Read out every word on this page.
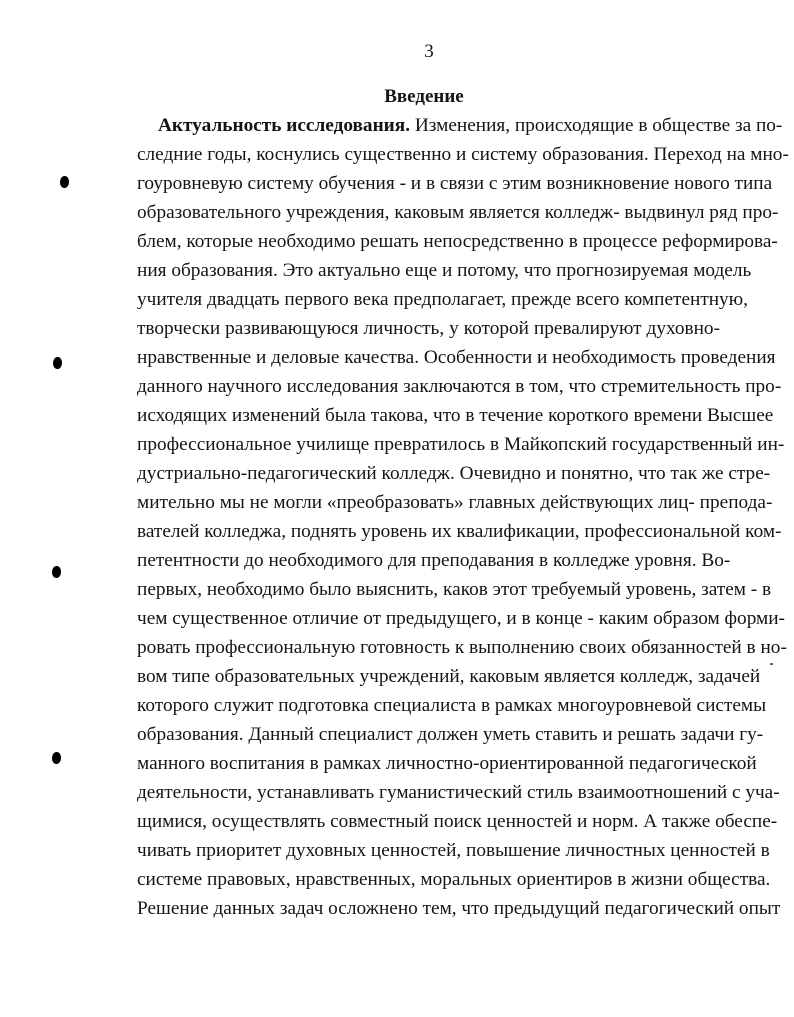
3
Введение
Актуальность исследования. Изменения, происходящие в обществе за по-
следние годы, коснулись существенно и систему образования. Переход на мно-
гоуровневую систему обучения - и в связи с этим возникновение нового типа
образовательного учреждения, каковым является колледж- выдвинул ряд про-
блем, которые необходимо решать непосредственно в процессе реформирова-
ния образования. Это актуально еще и потому, что прогнозируемая модель
учителя двадцать первого века предполагает, прежде всего компетентную,
творчески развивающуюся личность, у которой превалируют духовно-
нравственные и деловые качества. Особенности и необходимость проведения
данного научного исследования заключаются в том, что стремительность про-
исходящих изменений была такова, что в течение короткого времени Высшее
профессиональное училище превратилось в Майкопский государственный ин-
дустриально-педагогический колледж. Очевидно и понятно, что так же стре-
мительно мы не могли «преобразовать» главных действующих лиц- препода-
вателей колледжа, поднять уровень их квалификации, профессиональной ком-
петентности до необходимого для преподавания в колледже уровня. Во-
первых, необходимо было выяснить, каков этот требуемый уровень, затем - в
чем существенное отличие от предыдущего, и в конце - каким образом форми-
ровать профессиональную готовность к выполнению своих обязанностей в но-
вом типе образовательных учреждений, каковым является колледж, задачей
которого служит подготовка специалиста в рамках многоуровневой системы
образования. Данный специалист должен уметь ставить и решать задачи гу-
манного воспитания в рамках личностно-ориентированной педагогической
деятельности, устанавливать гуманистический стиль взаимоотношений с уча-
щимися, осуществлять совместный поиск ценностей и норм. А также обеспе-
чивать приоритет духовных ценностей, повышение личностных ценностей в
системе правовых, нравственных, моральных ориентиров в жизни общества.
Решение данных задач осложнено тем, что предыдущий педагогический опыт
